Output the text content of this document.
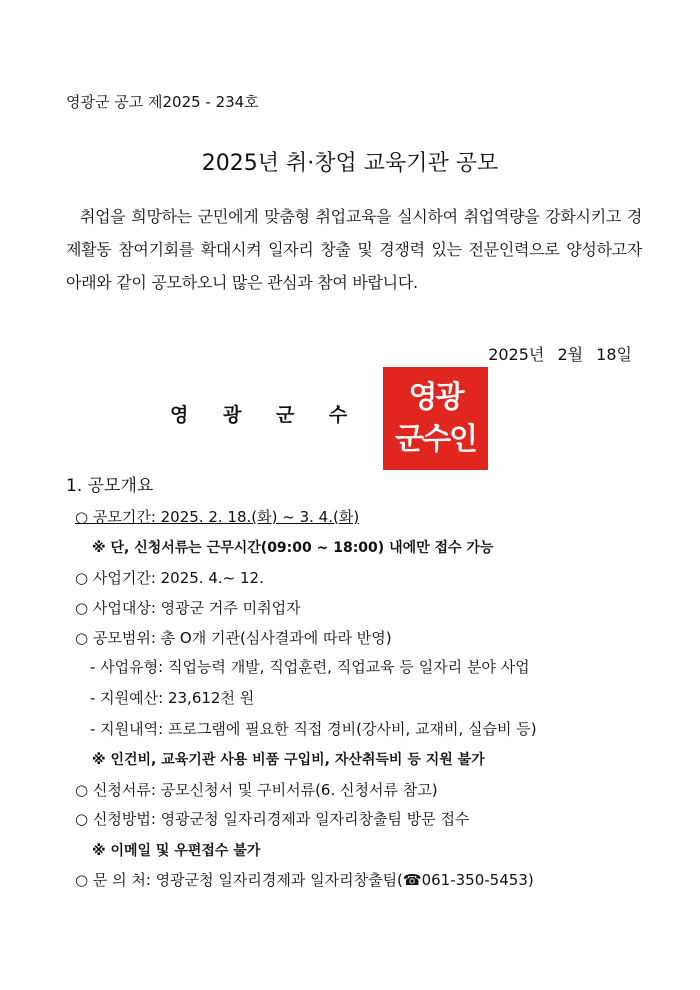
영광군 공고 제2025 - 234호
2025년 취·창업 교육기관 공모
취업을 희망하는 군민에게 맞춤형 취업교육을 실시하여 취업역량을 강화시키고 경제활동 참여기회를 확대시켜 일자리 창출 및 경쟁력 있는 전문인력으로 양성하고자 아래와 같이 공모하오니 많은 관심과 참여 바랍니다.
2025년 2월 18일
영 광 군 수
영광
군수인
1. 공모개요
○ 공모기간: 2025. 2. 18.(화) ~ 3. 4.(화)
※ 단, 신청서류는 근무시간(09:00 ~ 18:00) 내에만 접수 가능
○ 사업기간: 2025. 4.~ 12.
○ 사업대상: 영광군 거주 미취업자
○ 공모범위: 총 O개 기관(심사결과에 따라 반영)
- 사업유형: 직업능력 개발, 직업훈련, 직업교육 등 일자리 분야 사업
- 지원예산: 23,612천 원
- 지원내역: 프로그램에 필요한 직접 경비(강사비, 교재비, 실습비 등)
※ 인건비, 교육기관 사용 비품 구입비, 자산취득비 등 지원 불가
○ 신청서류: 공모신청서 및 구비서류(6. 신청서류 참고)
○ 신청방법: 영광군청 일자리경제과 일자리창출팀 방문 접수
※ 이메일 및 우편접수 불가
○ 문 의 처: 영광군청 일자리경제과 일자리창출팀(☎061-350-5453)
